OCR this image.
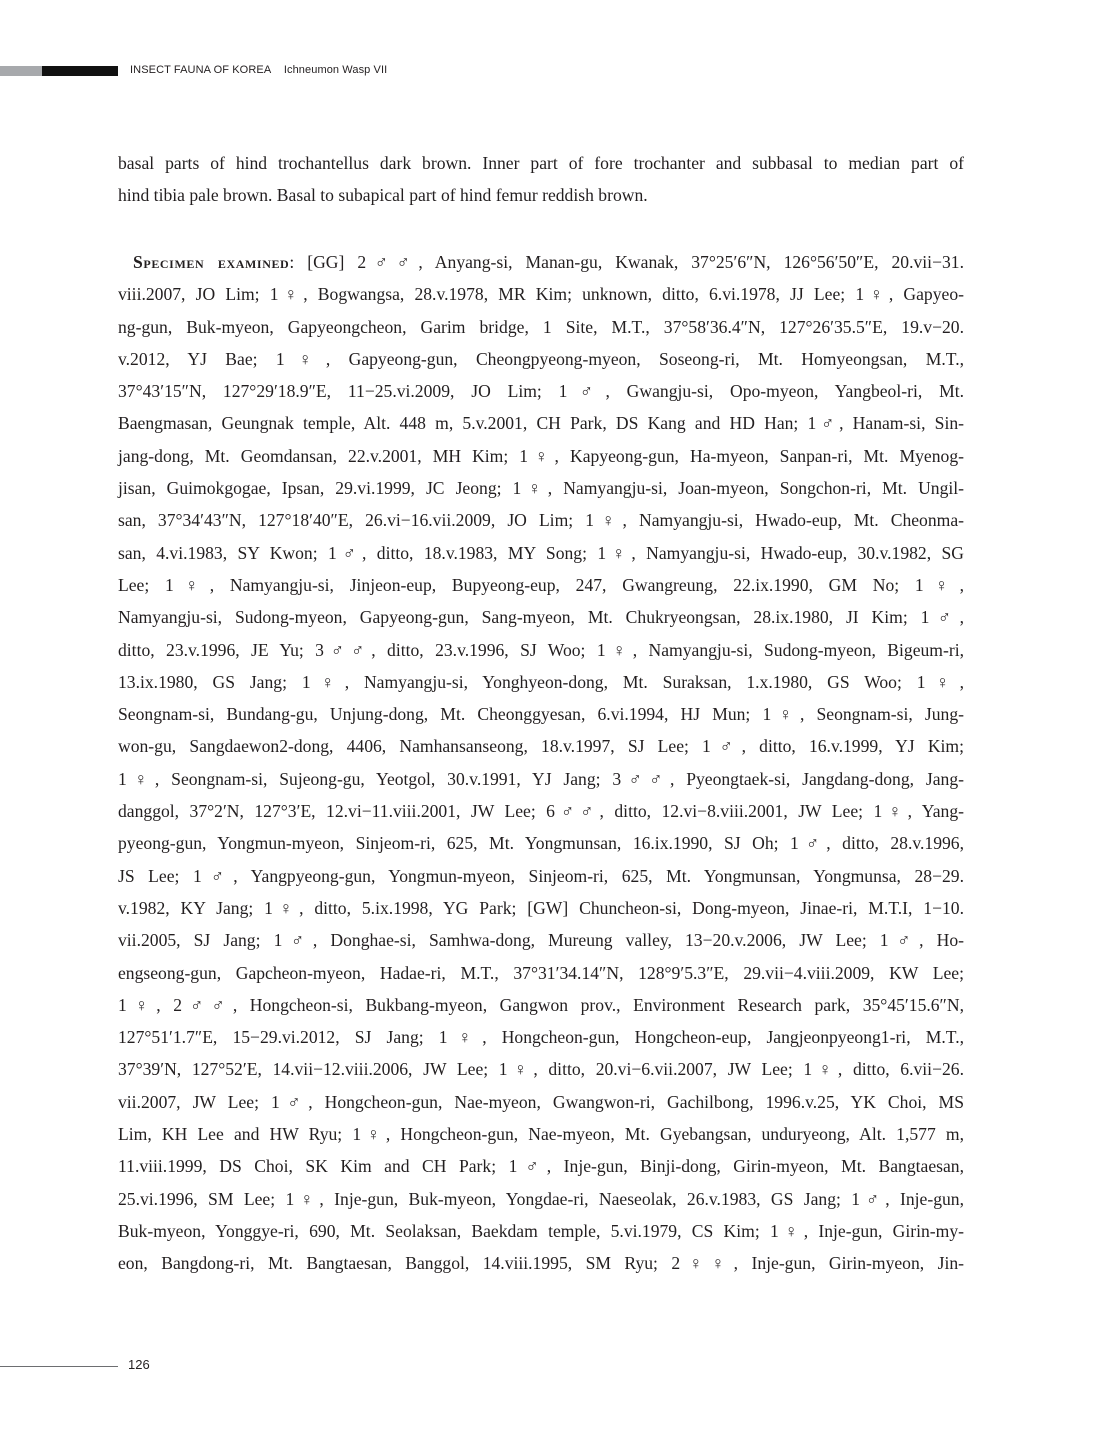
INSECT FAUNA OF KOREA Ichneumon Wasp VII
basal parts of hind trochantellus dark brown. Inner part of fore trochanter and subbasal to median part of
hind tibia pale brown. Basal to subapical part of hind femur reddish brown.
Specimen examined: [GG] 2♂♂, Anyang-si, Manan-gu, Kwanak, 37°25′6″N, 126°56′50″E, 20.vii−31.
viii.2007, JO Lim; 1♀, Bogwangsa, 28.v.1978, MR Kim; unknown, ditto, 6.vi.1978, JJ Lee; 1♀, Gapyeo-
ng-gun, Buk-myeon, Gapyeongcheon, Garim bridge, 1 Site, M.T., 37°58′36.4″N, 127°26′35.5″E, 19.v−20.
v.2012, YJ Bae; 1♀, Gapyeong-gun, Cheongpyeong-myeon, Soseong-ri, Mt. Homyeongsan, M.T.,
37°43′15″N, 127°29′18.9″E, 11−25.vi.2009, JO Lim; 1♂, Gwangju-si, Opo-myeon, Yangbeol-ri, Mt.
Baengmasan, Geungnak temple, Alt. 448 m, 5.v.2001, CH Park, DS Kang and HD Han; 1♂, Hanam-si, Sin-
jang-dong, Mt. Geomdansan, 22.v.2001, MH Kim; 1♀, Kapyeong-gun, Ha-myeon, Sanpan-ri, Mt. Myenog-
jisan, Guimokgogae, Ipsan, 29.vi.1999, JC Jeong; 1♀, Namyangju-si, Joan-myeon, Songchon-ri, Mt. Ungil-
san, 37°34′43″N, 127°18′40″E, 26.vi−16.vii.2009, JO Lim; 1♀, Namyangju-si, Hwado-eup, Mt. Cheonma-
san, 4.vi.1983, SY Kwon; 1♂, ditto, 18.v.1983, MY Song; 1♀, Namyangju-si, Hwado-eup, 30.v.1982, SG
Lee; 1♀, Namyangju-si, Jinjeon-eup, Bupyeong-eup, 247, Gwangreung, 22.ix.1990, GM No; 1♀,
Namyangju-si, Sudong-myeon, Gapyeong-gun, Sang-myeon, Mt. Chukryeongsan, 28.ix.1980, JI Kim; 1♂,
ditto, 23.v.1996, JE Yu; 3♂♂, ditto, 23.v.1996, SJ Woo; 1♀, Namyangju-si, Sudong-myeon, Bigeum-ri,
13.ix.1980, GS Jang; 1♀, Namyangju-si, Yonghyeon-dong, Mt. Suraksan, 1.x.1980, GS Woo; 1♀,
Seongnam-si, Bundang-gu, Unjung-dong, Mt. Cheonggyesan, 6.vi.1994, HJ Mun; 1♀, Seongnam-si, Jung-
won-gu, Sangdaewon2-dong, 4406, Namhansanseong, 18.v.1997, SJ Lee; 1♂, ditto, 16.v.1999, YJ Kim;
1♀, Seongnam-si, Sujeong-gu, Yeotgol, 30.v.1991, YJ Jang; 3♂♂, Pyeongtaek-si, Jangdang-dong, Jang-
danggol, 37°2′N, 127°3′E, 12.vi−11.viii.2001, JW Lee; 6♂♂, ditto, 12.vi−8.viii.2001, JW Lee; 1♀, Yang-
pyeong-gun, Yongmun-myeon, Sinjeom-ri, 625, Mt. Yongmunsan, 16.ix.1990, SJ Oh; 1♂, ditto, 28.v.1996,
JS Lee; 1♂, Yangpyeong-gun, Yongmun-myeon, Sinjeom-ri, 625, Mt. Yongmunsan, Yongmunsa, 28−29.
v.1982, KY Jang; 1♀, ditto, 5.ix.1998, YG Park; [GW] Chuncheon-si, Dong-myeon, Jinae-ri, M.T.I, 1−10.
vii.2005, SJ Jang; 1♂, Donghae-si, Samhwa-dong, Mureung valley, 13−20.v.2006, JW Lee; 1♂, Ho-
engseong-gun, Gapcheon-myeon, Hadae-ri, M.T., 37°31′34.14″N, 128°9′5.3″E, 29.vii−4.viii.2009, KW Lee;
1♀, 2♂♂, Hongcheon-si, Bukbang-myeon, Gangwon prov., Environment Research park, 35°45′15.6″N,
127°51′1.7″E, 15−29.vi.2012, SJ Jang; 1♀, Hongcheon-gun, Hongcheon-eup, Jangjeonpyeong1-ri, M.T.,
37°39′N, 127°52′E, 14.vii−12.viii.2006, JW Lee; 1♀, ditto, 20.vi−6.vii.2007, JW Lee; 1♀, ditto, 6.vii−26.
vii.2007, JW Lee; 1♂, Hongcheon-gun, Nae-myeon, Gwangwon-ri, Gachilbong, 1996.v.25, YK Choi, MS
Lim, KH Lee and HW Ryu; 1♀, Hongcheon-gun, Nae-myeon, Mt. Gyebangsan, unduryeong, Alt. 1,577 m,
11.viii.1999, DS Choi, SK Kim and CH Park; 1♂, Inje-gun, Binji-dong, Girin-myeon, Mt. Bangtaesan,
25.vi.1996, SM Lee; 1♀, Inje-gun, Buk-myeon, Yongdae-ri, Naeseolak, 26.v.1983, GS Jang; 1♂, Inje-gun,
Buk-myeon, Yonggye-ri, 690, Mt. Seolaksan, Baekdam temple, 5.vi.1979, CS Kim; 1♀, Inje-gun, Girin-my-
eon, Bangdong-ri, Mt. Bangtaesan, Banggol, 14.viii.1995, SM Ryu; 2♀♀, Inje-gun, Girin-myeon, Jin-
126
